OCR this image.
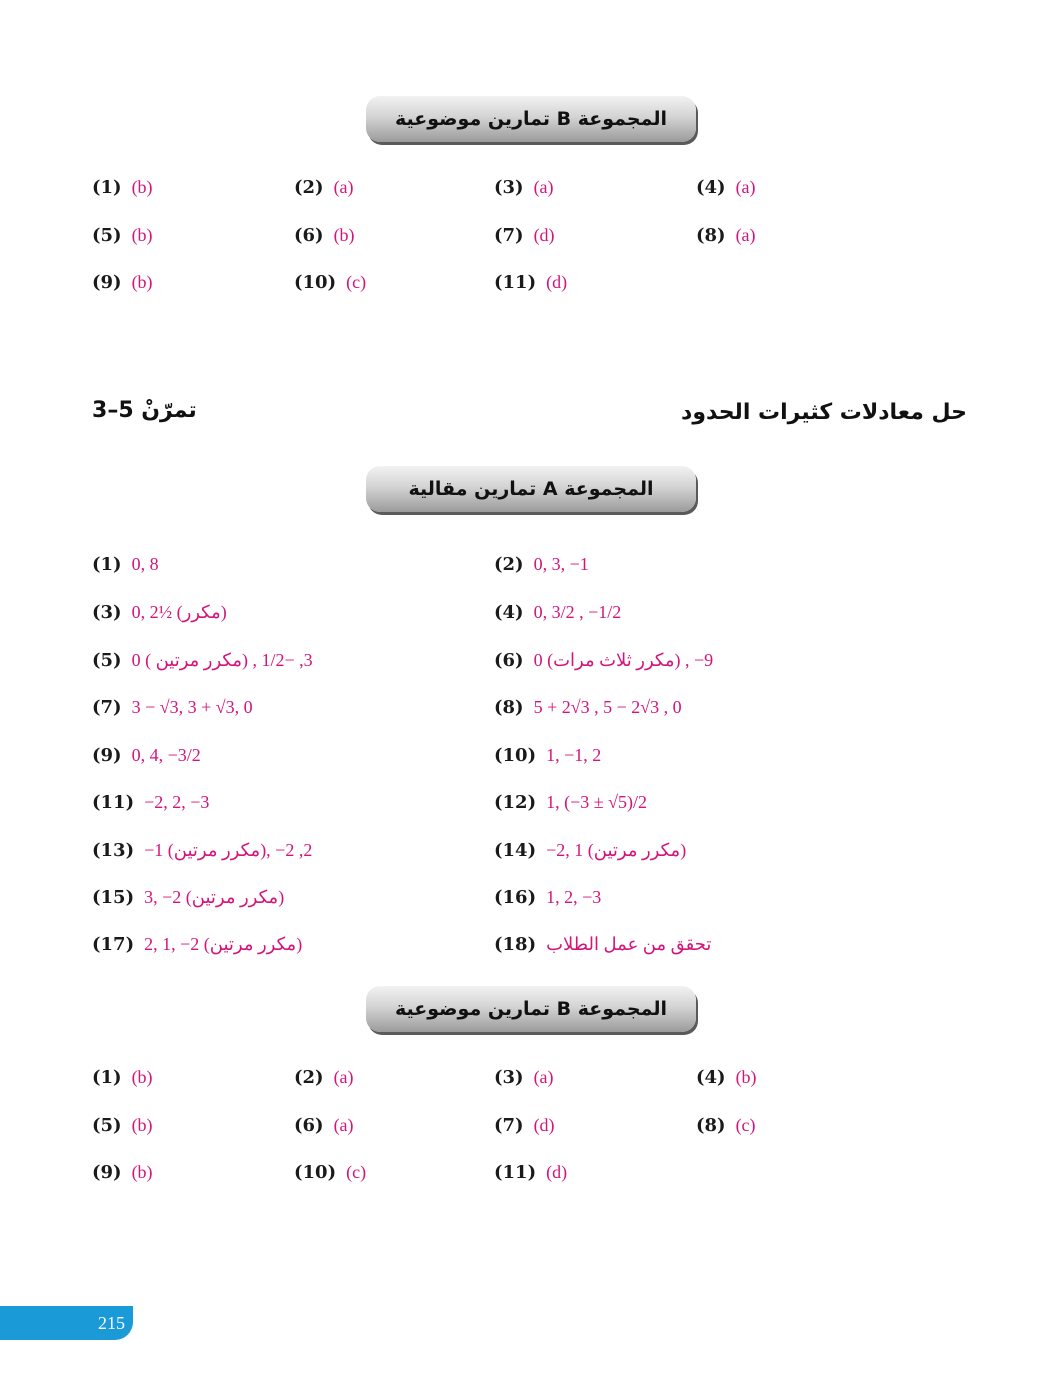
المجموعة B تمارين موضوعية
(1) (b)	(2) (a)	(3) (a)	(4) (a)
(5) (b)	(6) (b)	(7) (d)	(8) (a)
(9) (b)	(10) (c)	(11) (d)
حل معادلات كثيرات الحدود
تمرّنْ 5–3
المجموعة A تمارين مقالية
(1) 0, 8	(2) 0, 3, −1
(3) 0, 2½ (مكرر)	(4) 0, 3/2 , −1/2
(5) 0 ( مكرر مرتين) , 3, −1/2	(6) 0 (مكرر ثلاث مرات) , −9
(7) 3 − √3, 3 + √3, 0	(8) 5 + 2√3 , 5 − 2√3 , 0
(9) 0, 4, −3/2	(10) 1, −1, 2
(11) −2, 2, −3	(12) 1, (−3 ± √5)/2
(13) −1 (مكرر مرتين), −2, 2	(14) −2, 1 (مكرر مرتين)
(15) 3, −2 (مكرر مرتين)	(16) 1, 2, −3
(17) 2, 1, −2 (مكرر مرتين)	(18) تحقق من عمل الطلاب
المجموعة B تمارين موضوعية
(1) (b)	(2) (a)	(3) (a)	(4) (b)
(5) (b)	(6) (a)	(7) (d)	(8) (c)
(9) (b)	(10) (c)	(11) (d)
215
